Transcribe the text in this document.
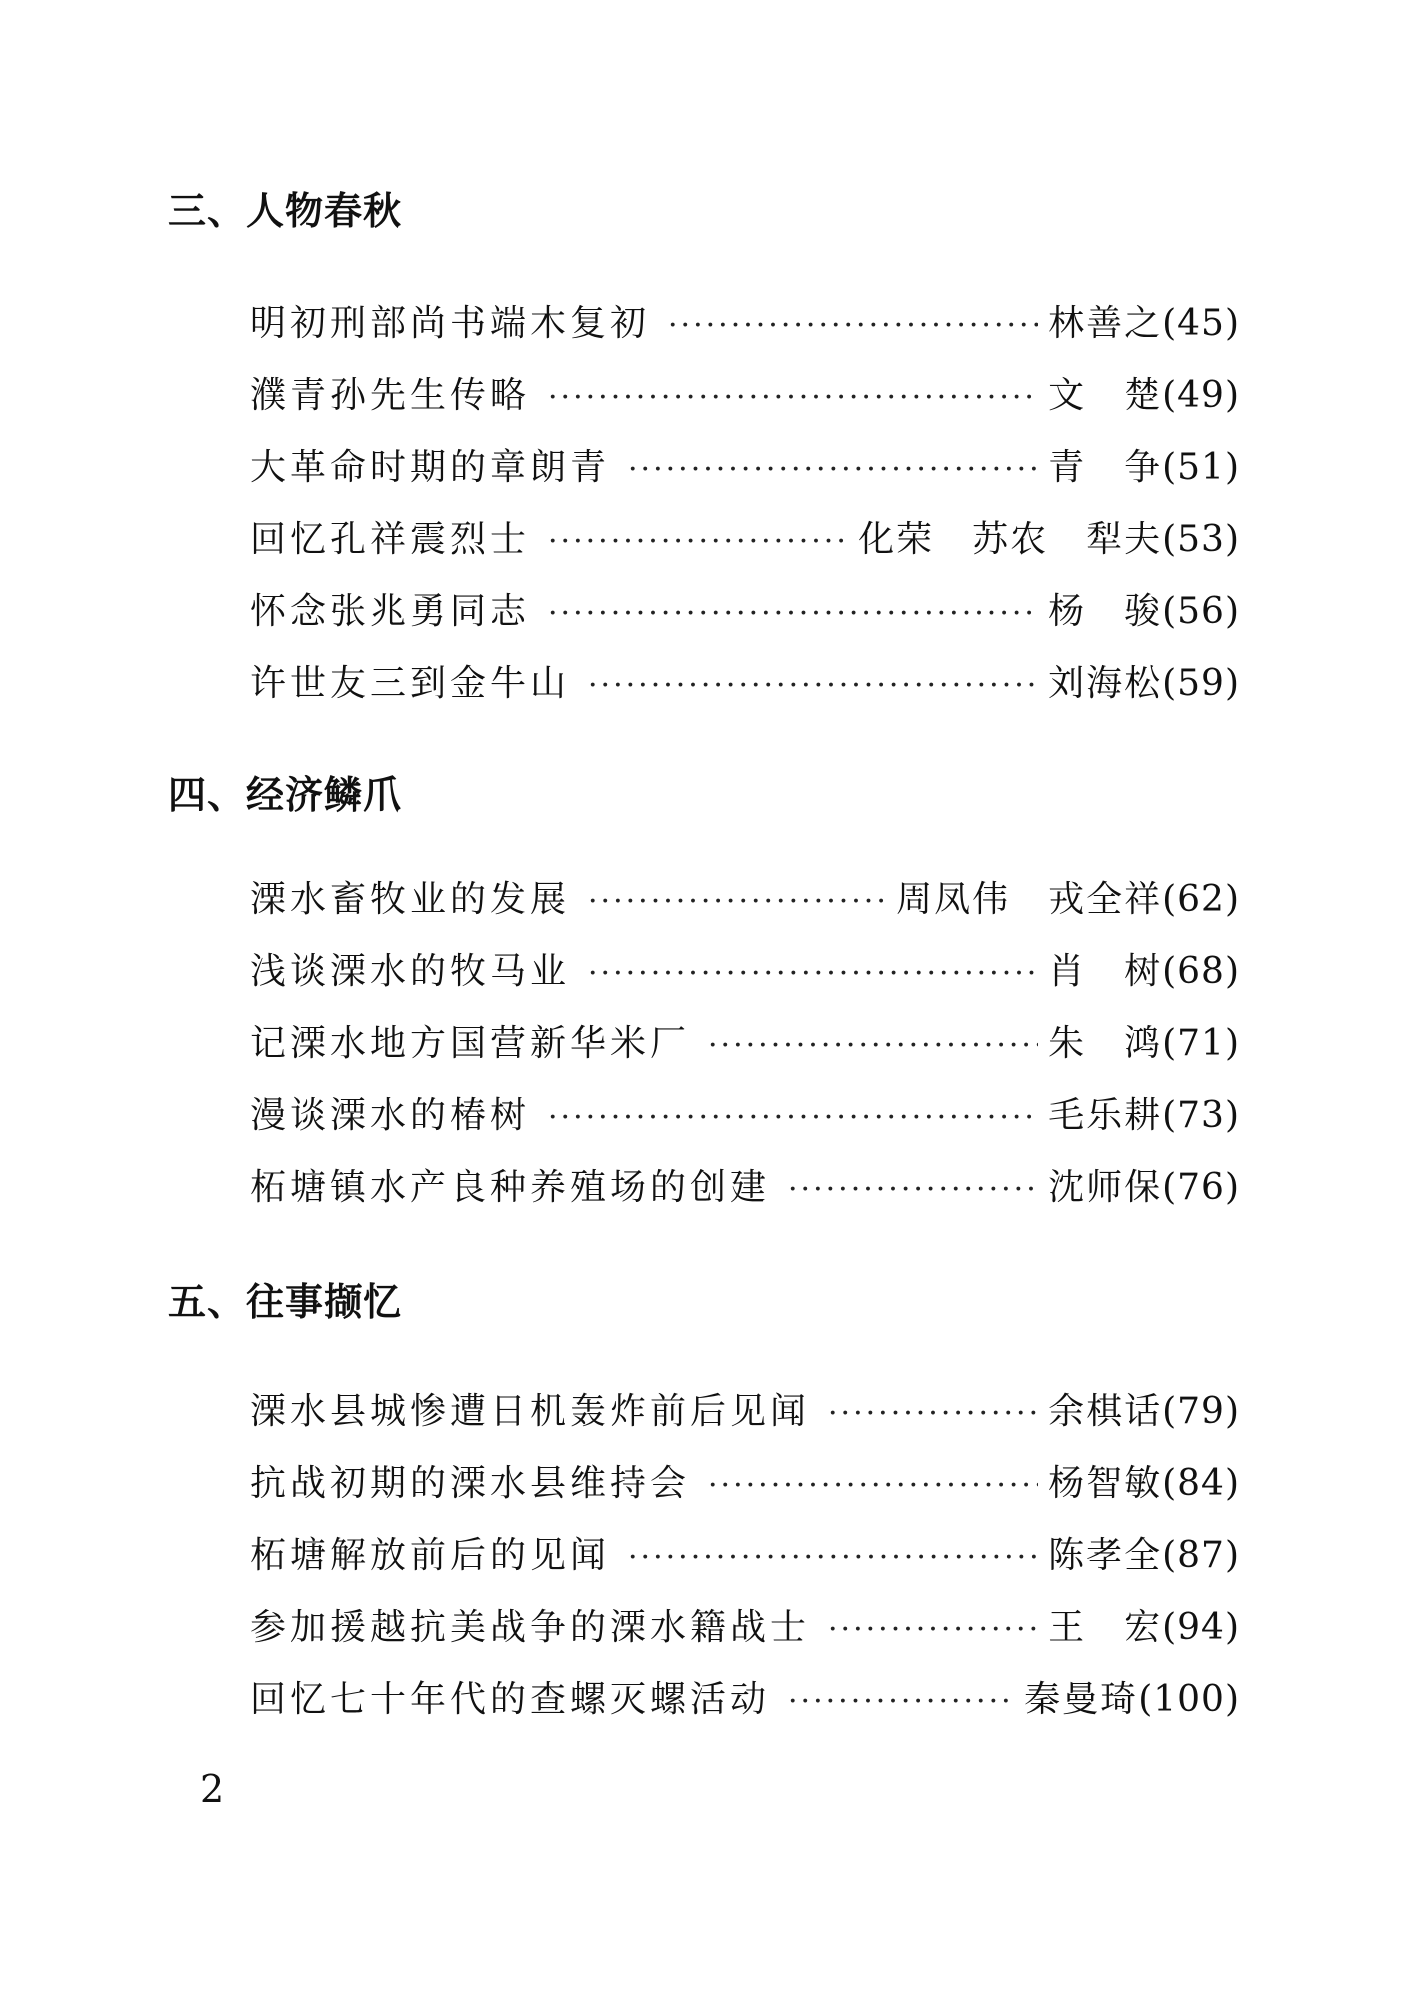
三、人物春秋
明初刑部尚书端木复初 ·····	林善之 (45)
濮青孙先生传略 ·····	文　楚 (49)
大革命时期的章朗青 ·····	青　争 (51)
回忆孔祥震烈士 ·····	化荣　苏农　犁夫 (53)
怀念张兆勇同志 ·····	杨　骏 (56)
许世友三到金牛山 ·····	刘海松 (59)
四、经济鳞爪
溧水畜牧业的发展 ·····	周凤伟　戎全祥 (62)
浅谈溧水的牧马业 ·····	肖　树 (68)
记溧水地方国营新华米厂 ·····	朱　鸿 (71)
漫谈溧水的椿树 ·····	毛乐耕 (73)
柘塘镇水产良种养殖场的创建 ·····	沈师保 (76)
五、往事撷忆
溧水县城惨遭日机轰炸前后见闻 ·····	余棋话 (79)
抗战初期的溧水县维持会 ·····	杨智敏 (84)
柘塘解放前后的见闻 ·····	陈孝全 (87)
参加援越抗美战争的溧水籍战士 ·····	王　宏 (94)
回忆七十年代的查螺灭螺活动 ·····	秦曼琦 (100)
2
